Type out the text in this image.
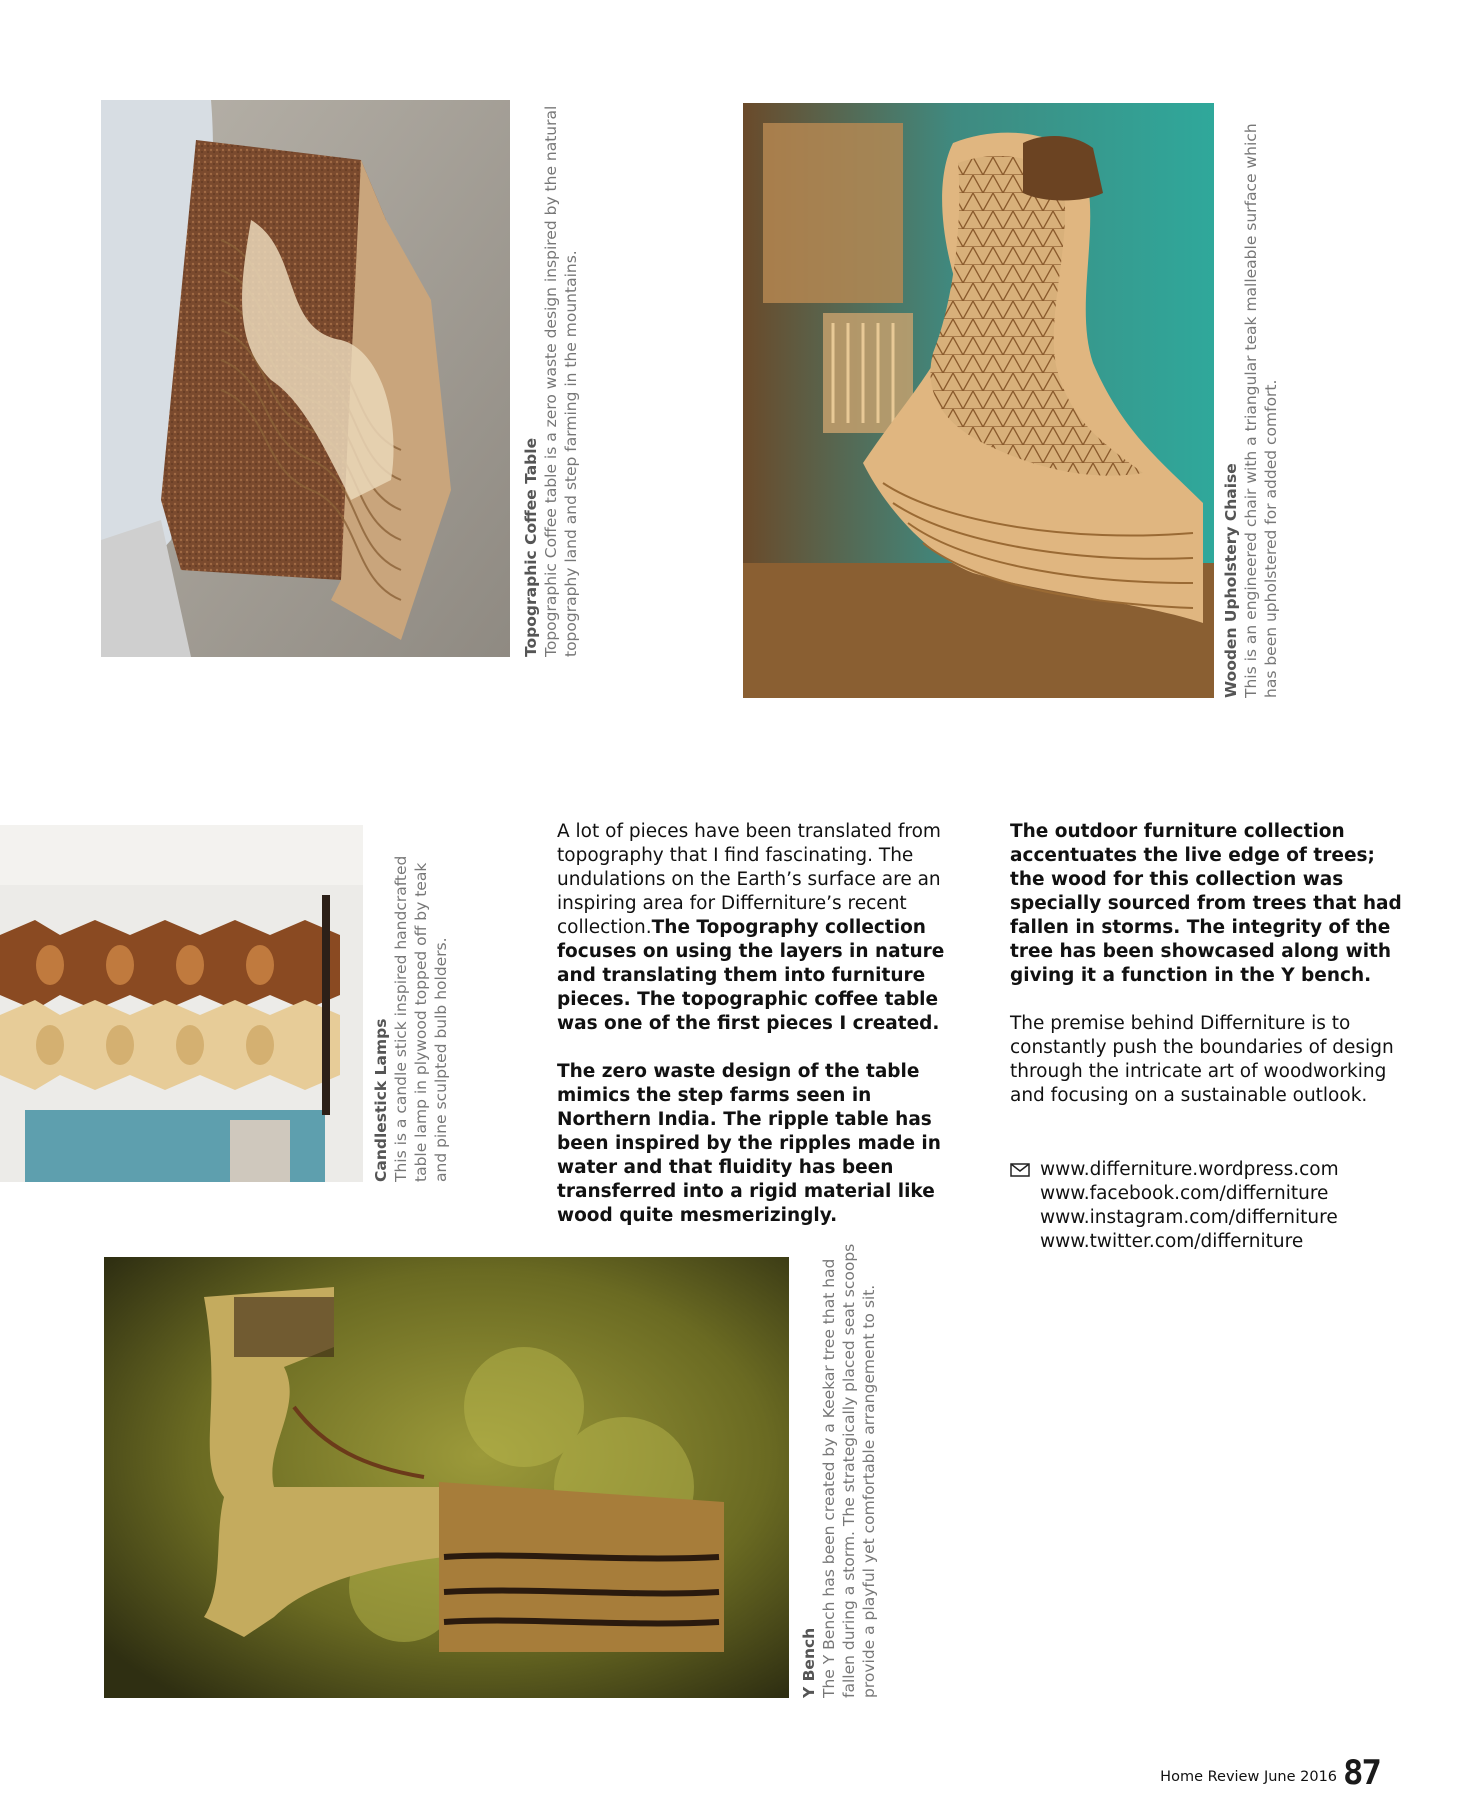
Topographic Coffee Table Topographic Coffee table is a zero waste design inspired by the natural topography land and step farming in the mountains.	Wooden Upholstery Chaise This is an engineered chair with a triangular teak malleable surface which has been upholstered for added comfort.
Candlestick Lamps This is a candle stick inspired handcrafted table lamp in plywood topped off by teak and pine sculpted bulb holders.

A lot of pieces have been translated from topography that I find fascinating. The undulations on the Earth’s surface are an inspiring area for Differniture’s recent collection.The Topography collection focuses on using the layers in nature and translating them into furniture pieces. The topographic coffee table was one of the first pieces I created.

The zero waste design of the table mimics the step farms seen in Northern India. The ripple table has been inspired by the ripples made in water and that fluidity has been transferred into a rigid material like wood quite mesmerizingly.

The outdoor furniture collection accentuates the live edge of trees; the wood for this collection was specially sourced from trees that had fallen in storms. The integrity of the tree has been showcased along with giving it a function in the Y bench.

The premise behind Differniture is to constantly push the boundaries of design through the intricate art of woodworking and focusing on a sustainable outlook.

www.differniture.wordpress.com
www.facebook.com/differniture
www.instagram.com/differniture
www.twitter.com/differniture
Y Bench The Y Bench has been created by a Keekar tree that had fallen during a storm. The strategically placed seat scoops provide a playful yet comfortable arrangement to sit.
Home Review June 2016 87
